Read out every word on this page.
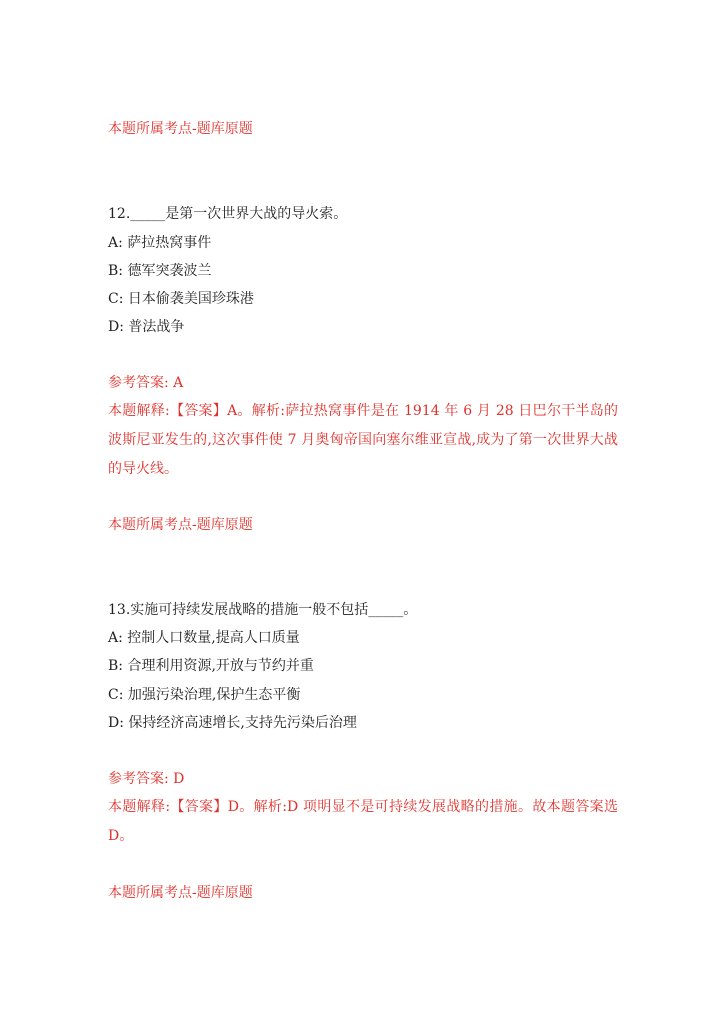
本题所属考点-题库原题
12._____是第一次世界大战的导火索。
A: 萨拉热窝事件
B: 德军突袭波兰
C: 日本偷袭美国珍珠港
D: 普法战争
参考答案: A
本题解释:【答案】A。解析:萨拉热窝事件是在 1914 年 6 月 28 日巴尔干半岛的波斯尼亚发生的,这次事件使 7 月奥匈帝国向塞尔维亚宣战,成为了第一次世界大战的导火线。
本题所属考点-题库原题
13.实施可持续发展战略的措施一般不包括_____。
A: 控制人口数量,提高人口质量
B: 合理利用资源,开放与节约并重
C: 加强污染治理,保护生态平衡
D: 保持经济高速增长,支持先污染后治理
参考答案: D
本题解释:【答案】D。解析:D 项明显不是可持续发展战略的措施。故本题答案选 D。
本题所属考点-题库原题
